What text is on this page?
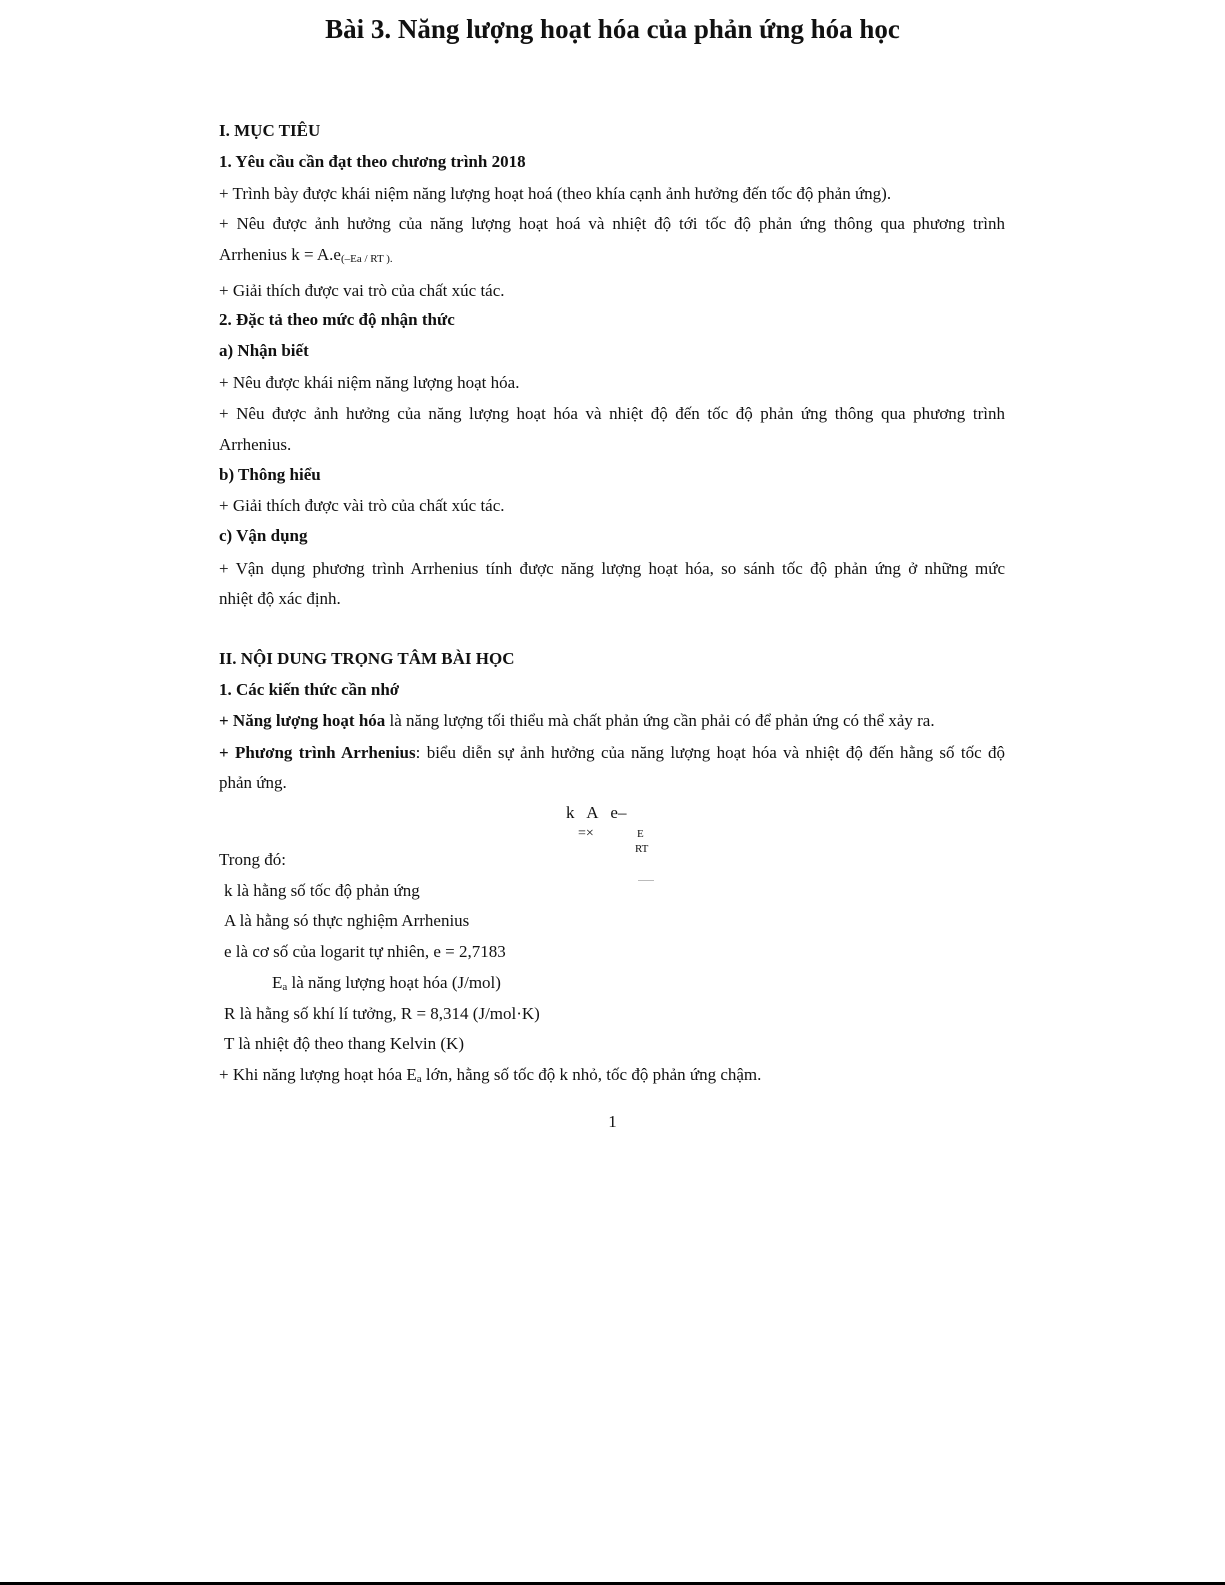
Bài 3. Năng lượng hoạt hóa của phản ứng hóa học

I. MỤC TIÊU

1. Yêu cầu cần đạt theo chương trình 2018

+ Trình bày được khái niệm năng lượng hoạt hoá (theo khía cạnh ảnh hưởng đến tốc độ phản ứng).

+ Nêu được ảnh hưởng của năng lượng hoạt hoá và nhiệt độ tới tốc độ phản ứng thông qua phương trình

Arrhenius k = A.e(–Ea / RT ).

+ Giải thích được vai trò của chất xúc tác.

2. Đặc tả theo mức độ nhận thức

a) Nhận biết

+ Nêu được khái niệm năng lượng hoạt hóa.

+ Nêu được ảnh hưởng của năng lượng hoạt hóa và nhiệt độ đến tốc độ phản ứng thông qua phương trình

Arrhenius.

b) Thông hiểu

+ Giải thích được vài trò của chất xúc tác.

c) Vận dụng

+ Vận dụng phương trình Arrhenius tính được năng lượng hoạt hóa, so sánh tốc độ phản ứng ở những mức

nhiệt độ xác định.

II. NỘI DUNG TRỌNG TÂM BÀI HỌC

1. Các kiến thức cần nhớ

+ Năng lượng hoạt hóa là năng lượng tối thiểu mà chất phản ứng cần phải có để phản ứng có thể xảy ra.

+ Phương trình Arrhenius: biểu diễn sự ảnh hưởng của năng lượng hoạt hóa và nhiệt độ đến hằng số tốc độ

phản ứng.

k   A   e–
=×	E
RT

Trong đó:

k là hằng số tốc độ phản ứng

A là hằng só thực nghiệm Arrhenius

e là cơ số của logarit tự nhiên, e = 2,7183

Ea là năng lượng hoạt hóa (J/mol)

R là hằng số khí lí tưởng, R = 8,314 (J/mol·K)

T là nhiệt độ theo thang Kelvin (K)

+ Khi năng lượng hoạt hóa Ea lớn, hằng số tốc độ k nhỏ, tốc độ phản ứng chậm.

1
